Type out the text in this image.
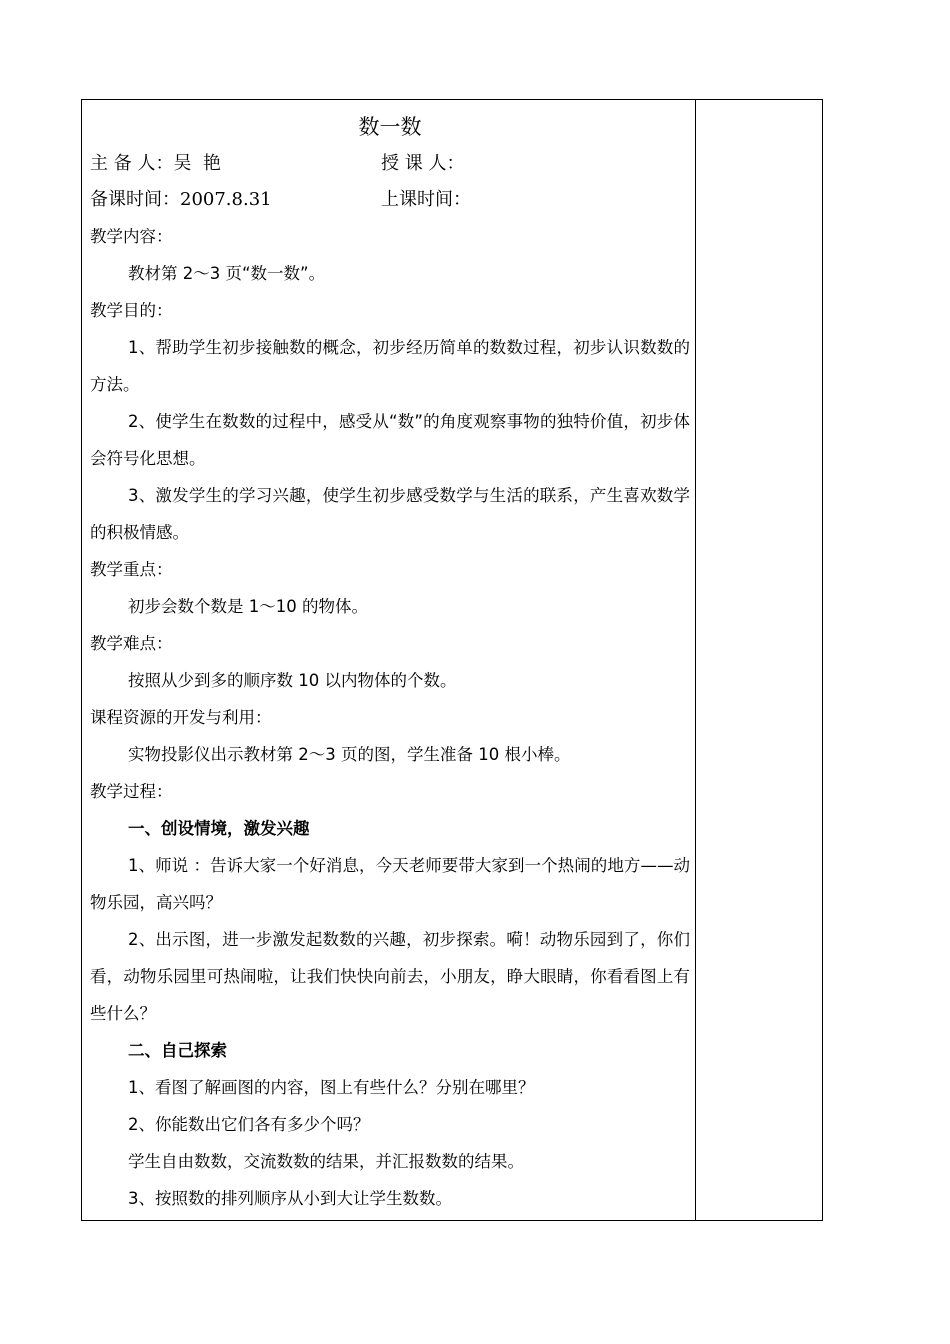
数一数
主 备 人：吴  艳	授 课 人：
备课时间：2007.8.31	上课时间：
教学内容：
教材第 2～3 页“数一数”。
教学目的：

1、帮助学生初步接触数的概念，初步经历简单的数数过程，初步认识数数的方法。

2、使学生在数数的过程中，感受从“数”的角度观察事物的独特价值，初步体会符号化思想。

3、激发学生的学习兴趣，使学生初步感受数学与生活的联系，产生喜欢数学的积极情感。

教学重点：
初步会数个数是 1～10 的物体。
教学难点：
按照从少到多的顺序数 10 以内物体的个数。
课程资源的开发与利用：
实物投影仪出示教材第 2～3 页的图，学生准备 10 根小棒。
教学过程：
一、创设情境，激发兴趣

1、师说 ：告诉大家一个好消息，今天老师要带大家到一个热闹的地方——动物乐园，高兴吗？

2、出示图，进一步激发起数数的兴趣，初步探索。嗬！动物乐园到了，你们看，动物乐园里可热闹啦，让我们快快向前去，小朋友，睁大眼睛，你看看图上有些什么？

二、自己探索
1、看图了解画图的内容，图上有些什么？分别在哪里？
2、你能数出它们各有多少个吗？
学生自由数数，交流数数的结果，并汇报数数的结果。
3、按照数的排列顺序从小到大让学生数数。
